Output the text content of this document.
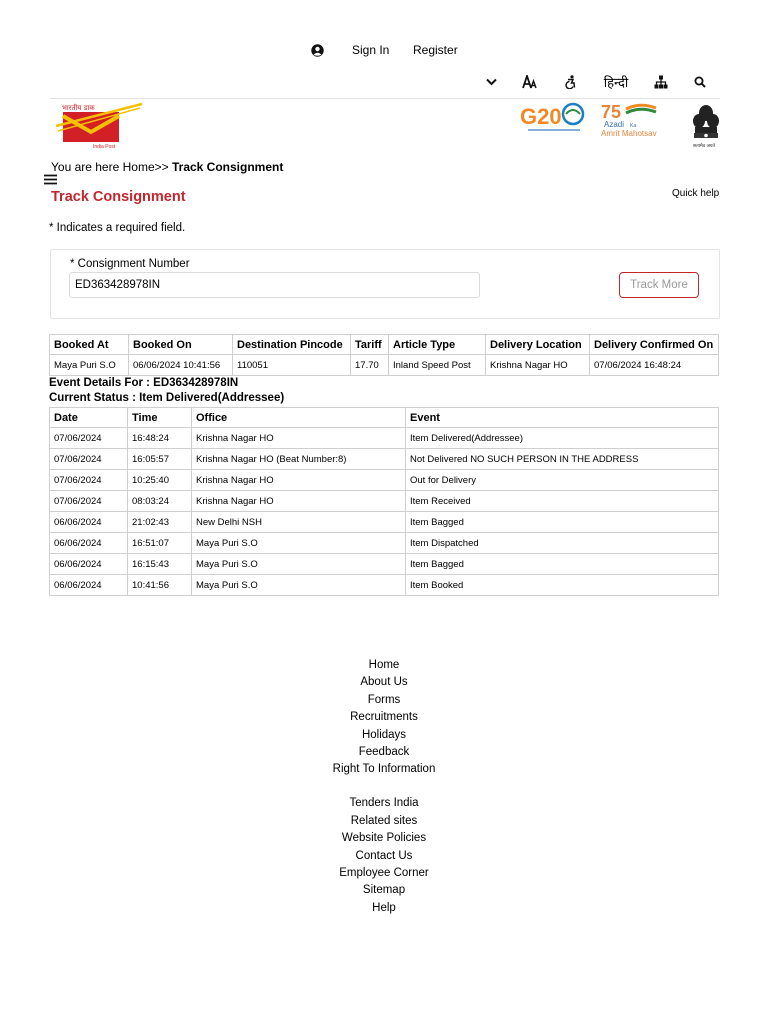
Sign In Register
हिन्दी
भारतीय डाक
India Post
G20 75
Azadi Ka
Amrit Mahotsav
सत्यमेव जयते
You are here Home>> Track Consignment
Track Consignment	Quick help
* Indicates a required field.
* Consignment Number
ED363428978IN
Track More
Booked At	Booked On	Destination Pincode	Tariff	Article Type	Delivery Location	Delivery Confirmed On
Maya Puri S.O	06/06/2024 10:41:56	110051	17.70	Inland Speed Post	Krishna Nagar HO	07/06/2024 16:48:24
Event Details For : ED363428978IN
Current Status : Item Delivered(Addressee)
Date	Time	Office	Event
07/06/2024	16:48:24	Krishna Nagar HO	Item Delivered(Addressee)
07/06/2024	16:05:57	Krishna Nagar HO (Beat Number:8)	Not Delivered NO SUCH PERSON IN THE ADDRESS
07/06/2024	10:25:40	Krishna Nagar HO	Out for Delivery
07/06/2024	08:03:24	Krishna Nagar HO	Item Received
06/06/2024	21:02:43	New Delhi NSH	Item Bagged
06/06/2024	16:51:07	Maya Puri S.O	Item Dispatched
06/06/2024	16:15:43	Maya Puri S.O	Item Bagged
06/06/2024	10:41:56	Maya Puri S.O	Item Booked
Home
About Us
Forms
Recruitments
Holidays
Feedback
Right To Information
Tenders India
Related sites
Website Policies
Contact Us
Employee Corner
Sitemap
Help
